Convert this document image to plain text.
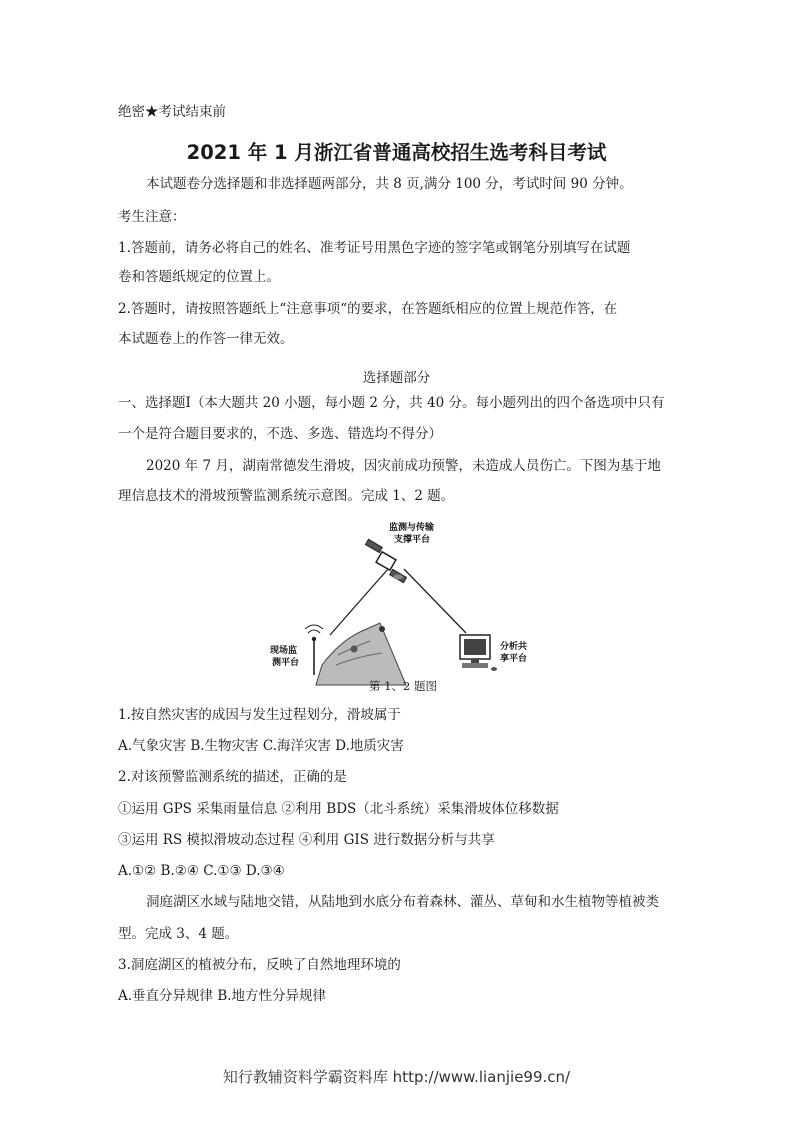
绝密★考试结束前
2021 年 1 月浙江省普通高校招生选考科目考试
本试题卷分选择题和非选择题两部分，共 8 页,满分 100 分，考试时间 90 分钟。
考生注意：
1.答题前，请务必将自己的姓名、准考证号用黑色字迹的签字笔或钢笔分别填写在试题
卷和答题纸规定的位置上。
2.答题时，请按照答题纸上“注意事项“的要求，在答题纸相应的位置上规范作答，在
本试题卷上的作答一律无效。
选择题部分
一、选择题Ⅰ（本大题共 20 小题，每小题 2 分，共 40 分。每小题列出的四个备选项中只有
一个是符合题目要求的，不选、多选、错选均不得分）
2020 年 7 月，湖南常德发生滑坡，因灾前成功预警，未造成人员伤亡。下图为基于地
理信息技术的滑坡预警监测系统示意图。完成 1、2 题。
监测与传输
支撑平台
现场监
测平台
分析共
享平台
第 1、2 题图
1.按自然灾害的成因与发生过程划分，滑坡属于
A.气象灾害 B.生物灾害 C.海洋灾害 D.地质灾害
2.对该预警监测系统的描述，正确的是
①运用 GPS 采集雨量信息 ②利用 BDS（北斗系统）采集滑坡体位移数据
③运用 RS 模拟滑坡动态过程 ④利用 GIS 进行数据分析与共享
A.①② B.②④ C.①③ D.③④
洞庭湖区水域与陆地交错，从陆地到水底分布着森林、灌丛、草甸和水生植物等植被类
型。完成 3、4 题。
3.洞庭湖区的植被分布，反映了自然地理环境的
A.垂直分异规律 B.地方性分异规律
知行教辅资料学霸资料库 http://www.lianjie99.cn/
